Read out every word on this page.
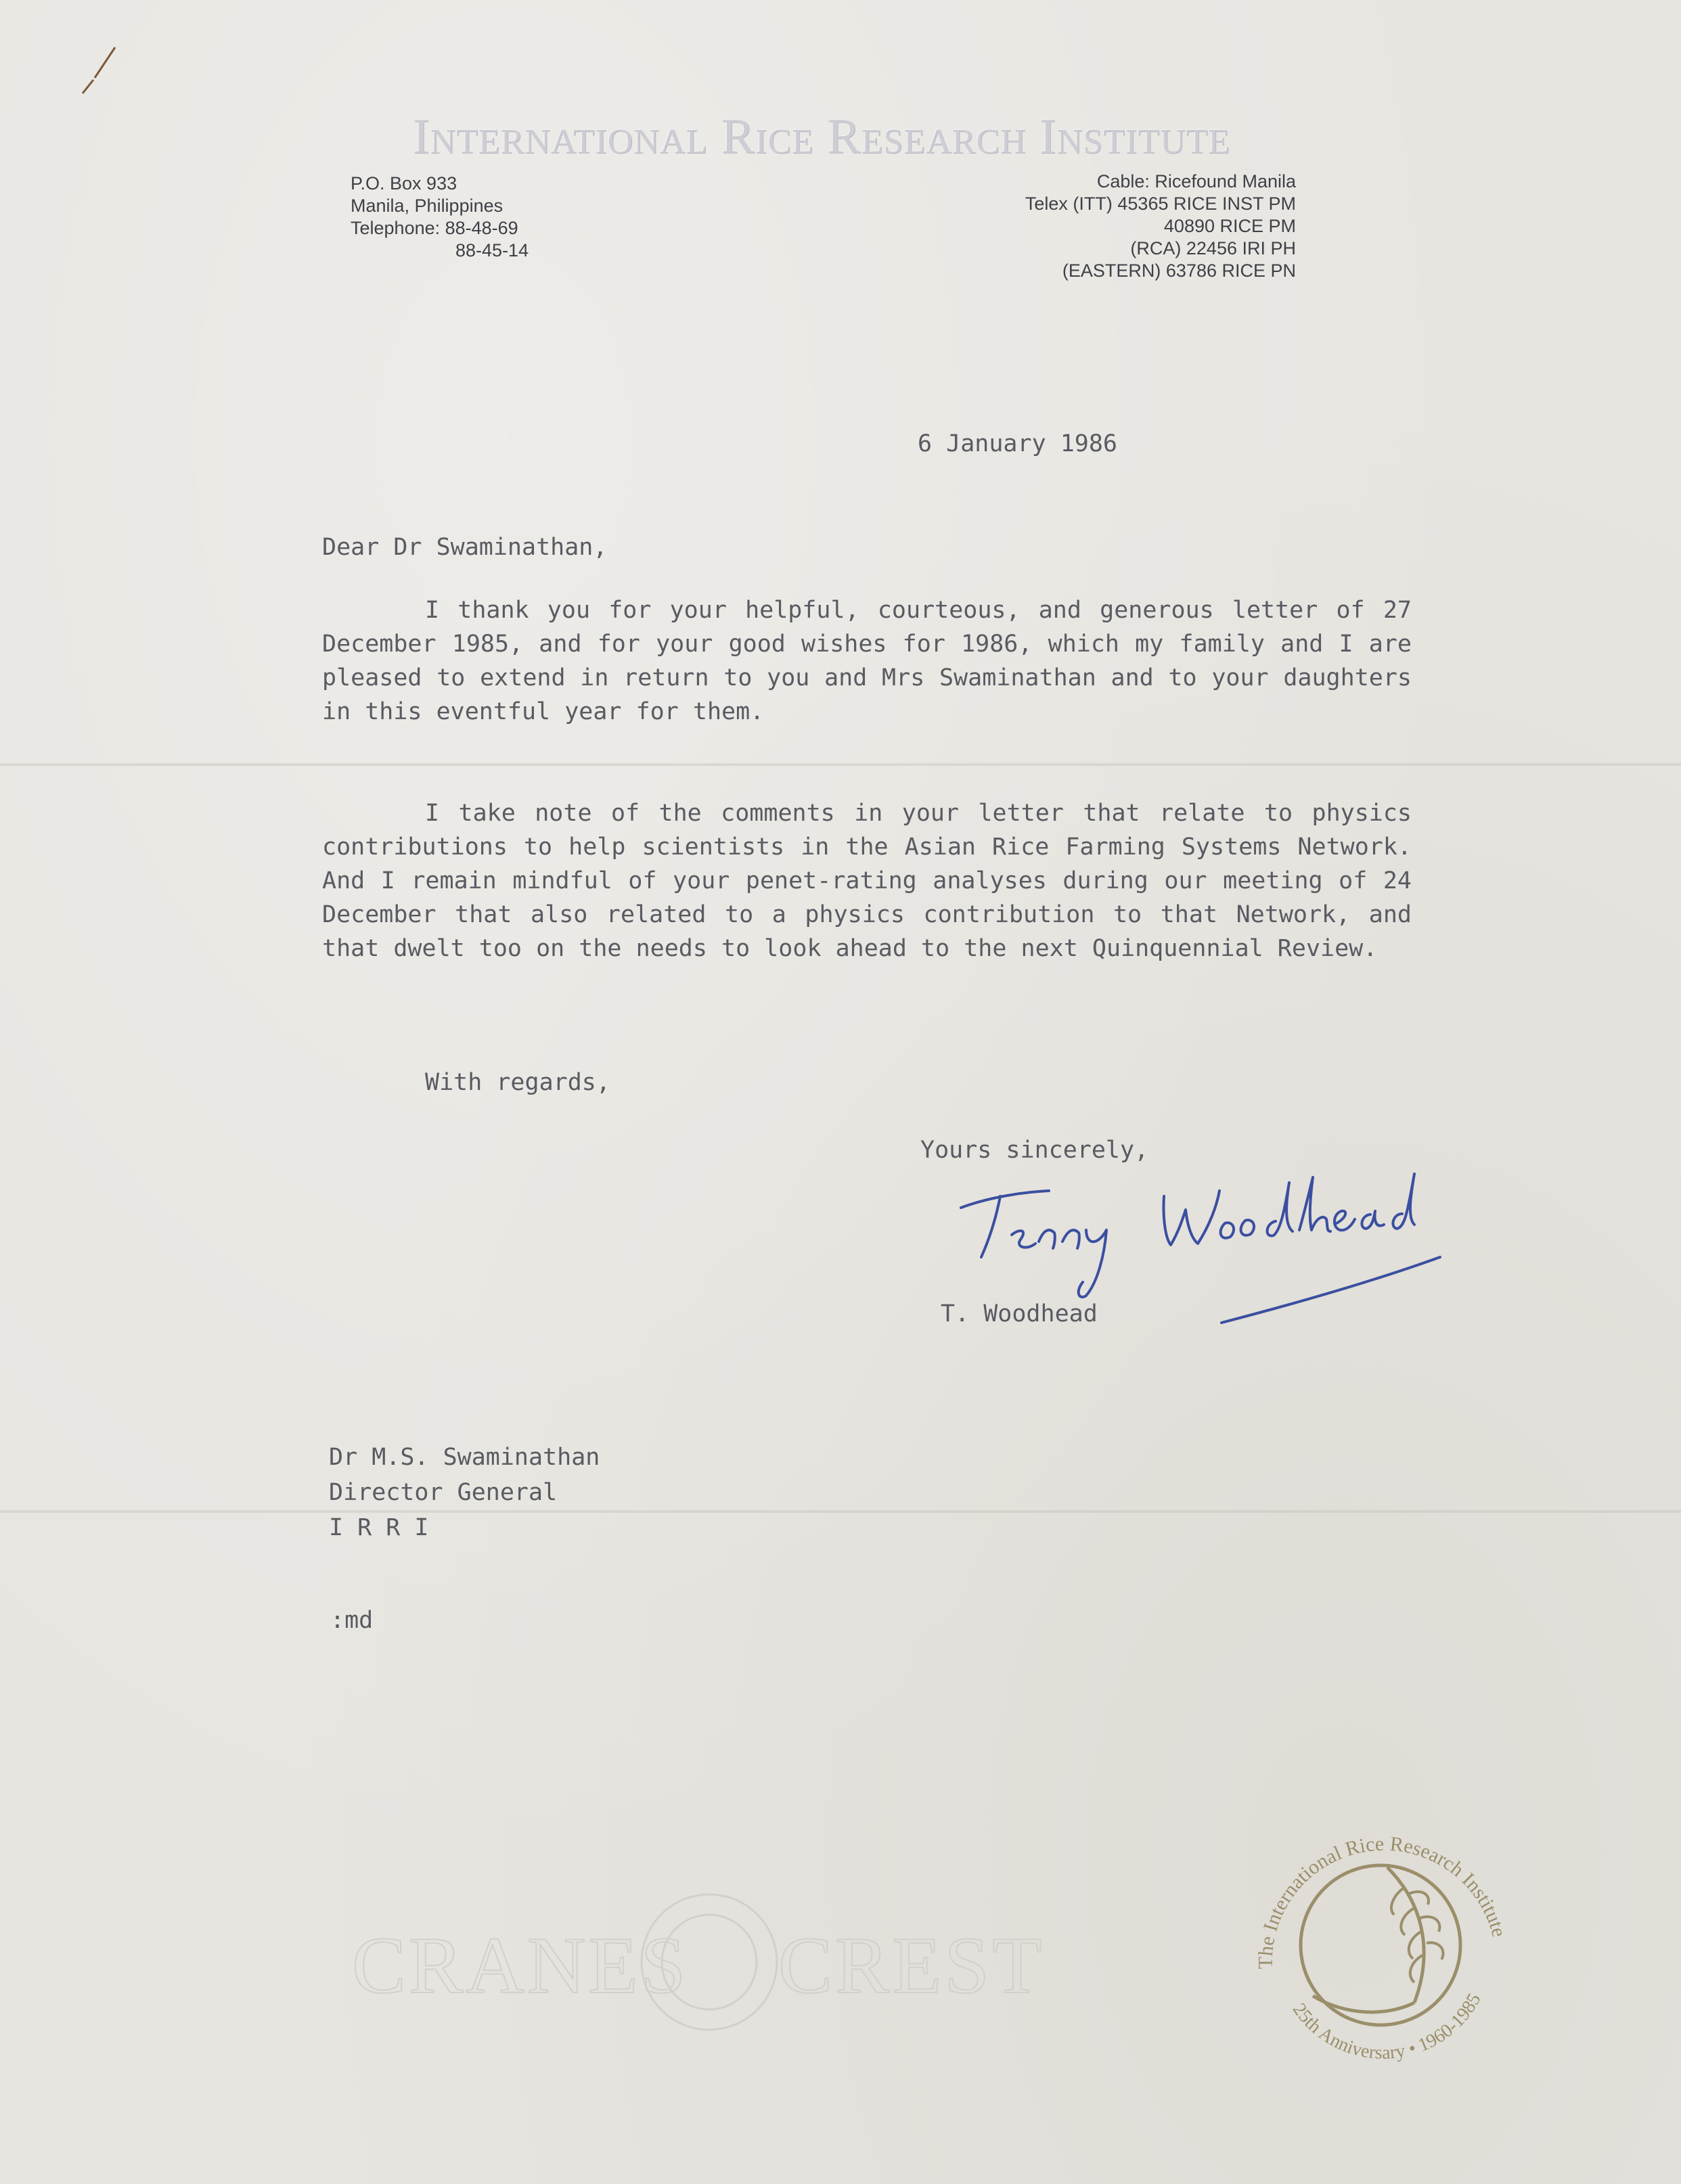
International Rice Research Institute
P.O. Box 933
Manila, Philippines
Telephone: 88-48-69
88-45-14
Cable: Ricefound Manila
Telex (ITT) 45365 RICE INST PM
40890 RICE PM
(RCA) 22456 IRI PH
(EASTERN) 63786 RICE PN
6 January 1986
Dear Dr Swaminathan,
I thank you for your helpful, courteous, and generous letter of 27 December 1985, and for your good wishes for 1986, which my family and I are pleased to extend in return to you and Mrs Swaminathan and to your daughters in this eventful year for them.
I take note of the comments in your letter that relate to physics contributions to help scientists in the Asian Rice Farming Systems Network. And I remain mindful of your penet-rating analyses during our meeting of 24 December that also related to a physics contribution to that Network, and that dwelt too on the needs to look ahead to the next Quinquennial Review.
With regards,
Yours sincerely,
T. Woodhead
Dr M.S. Swaminathan
Director General
I R R I
:md
CRANES CREST	The International Rice Research Institute
25th Anniversary • 1960-1985
